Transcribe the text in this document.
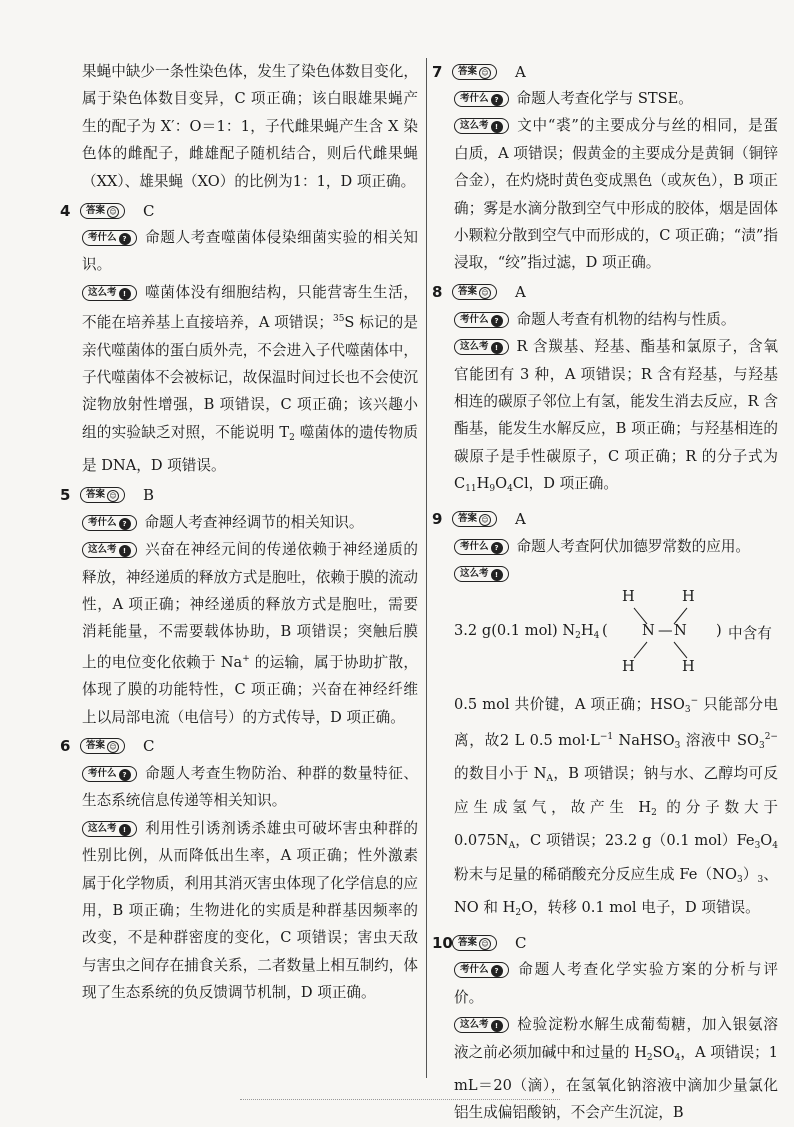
果蝇中缺少一条性染色体，发生了染色体数目变化，属于染色体数目变异，C 项正确；该白眼雄果蝇产生的配子为 X′：O＝1：1，子代雌果蝇产生含 X 染色体的雌配子，雌雄配子随机结合，则后代雌果蝇（XX）、雄果蝇（XO）的比例为1：1，D 项正确。

4	答案 ☺	C

考什么 ? 命题人考查噬菌体侵染细菌实验的相关知识。

这么考 ! 噬菌体没有细胞结构，只能营寄生生活，不能在培养基上直接培养，A 项错误；$^{35}$S 标记的是亲代噬菌体的蛋白质外壳，不会进入子代噬菌体中，子代噬菌体不会被标记，故保温时间过长也不会使沉淀物放射性增强，B 项错误，C 项正确；该兴趣小组的实验缺乏对照，不能说明 $T_2$ 噬菌体的遗传物质是 DNA，D 项错误。

5	答案 ☺	B

考什么 ? 命题人考查神经调节的相关知识。

这么考 ! 兴奋在神经元间的传递依赖于神经递质的释放，神经递质的释放方式是胞吐，依赖于膜的流动性，A 项正确；神经递质的释放方式是胞吐，需要消耗能量，不需要载体协助，B 项错误；突触后膜上的电位变化依赖于 Na+ 的运输，属于协助扩散，体现了膜的功能特性，C 项正确；兴奋在神经纤维上以局部电流（电信号）的方式传导，D 项正确。

6	答案 ☺	C

考什么 ? 命题人考查生物防治、种群的数量特征、生态系统信息传递等相关知识。

这么考 ! 利用性引诱剂诱杀雄虫可破坏害虫种群的性别比例，从而降低出生率，A 项正确；性外激素属于化学物质，利用其消灭害虫体现了化学信息的应用，B 项正确；生物进化的实质是种群基因频率的改变，不是种群密度的变化，C 项错误；害虫天敌与害虫之间存在捕食关系，二者数量上相互制约，体现了生态系统的负反馈调节机制，D 项正确。

7	答案 ☺	A

考什么 ? 命题人考查化学与 STSE。

这么考 ! 文中“裘”的主要成分与丝的相同，是蛋白质，A 项错误；假黄金的主要成分是黄铜（铜锌合金），在灼烧时黄色变成黑色（或灰色），B 项正确；雾是水滴分散到空气中形成的胶体，烟是固体小颗粒分散到空气中而形成的，C 项正确；“渍”指浸取，“绞”指过滤，D 项正确。

8	答案 ☺	A

考什么 ? 命题人考查有机物的结构与性质。

这么考 ! R 含羰基、羟基、酯基和氯原子，含氧官能团有 3 种，A 项错误；R 含有羟基，与羟基相连的碳原子邻位上有氢，能发生消去反应，R 含酯基，能发生水解反应，B 项正确；与羟基相连的碳原子是手性碳原子，C 项正确；R 的分子式为 $C_{11}H_9O_4Cl$，D 项正确。

9	答案 ☺	A

考什么 ? 命题人考查阿伏加德罗常数的应用。

这么考 !

H	H
H	H
3.2 g(0.1 mol) $N_2H_4$ ( N — N ) 中含有

0.5 mol 共价键，A 项正确；$HSO_3^-$ 只能部分电离，故2 L 0.5 $mol\cdot L^{-1}$ NaHSO$_3$ 溶液中 $SO_3^{2-}$ 的数目小于 $N_A$，B 项错误；钠与水、乙醇均可反应生成氢气，故产生 $H_2$ 的分子数大于 $0.075N_A$，C 项错误；23.2 g（0.1 $mol)Fe_3O_4$ 粉末与足量的稀硝酸充分反应生成 $Fe(NO_3)_3$、NO 和 $H_2O$，转移 0.1 mol 电子，D 项错误。

10 答案 ☺	C

考什么 ? 命题人考查化学实验方案的分析与评价。

这么考 ! 检验淀粉水解生成葡萄糖，加入银氨溶液之前必须加碱中和过量的 $H_2SO_4$，A 项错误；1 mL＝20（滴），在氢氧化钠溶液中滴加少量氯化铝生成偏铝酸钠，不会产生沉淀，B
